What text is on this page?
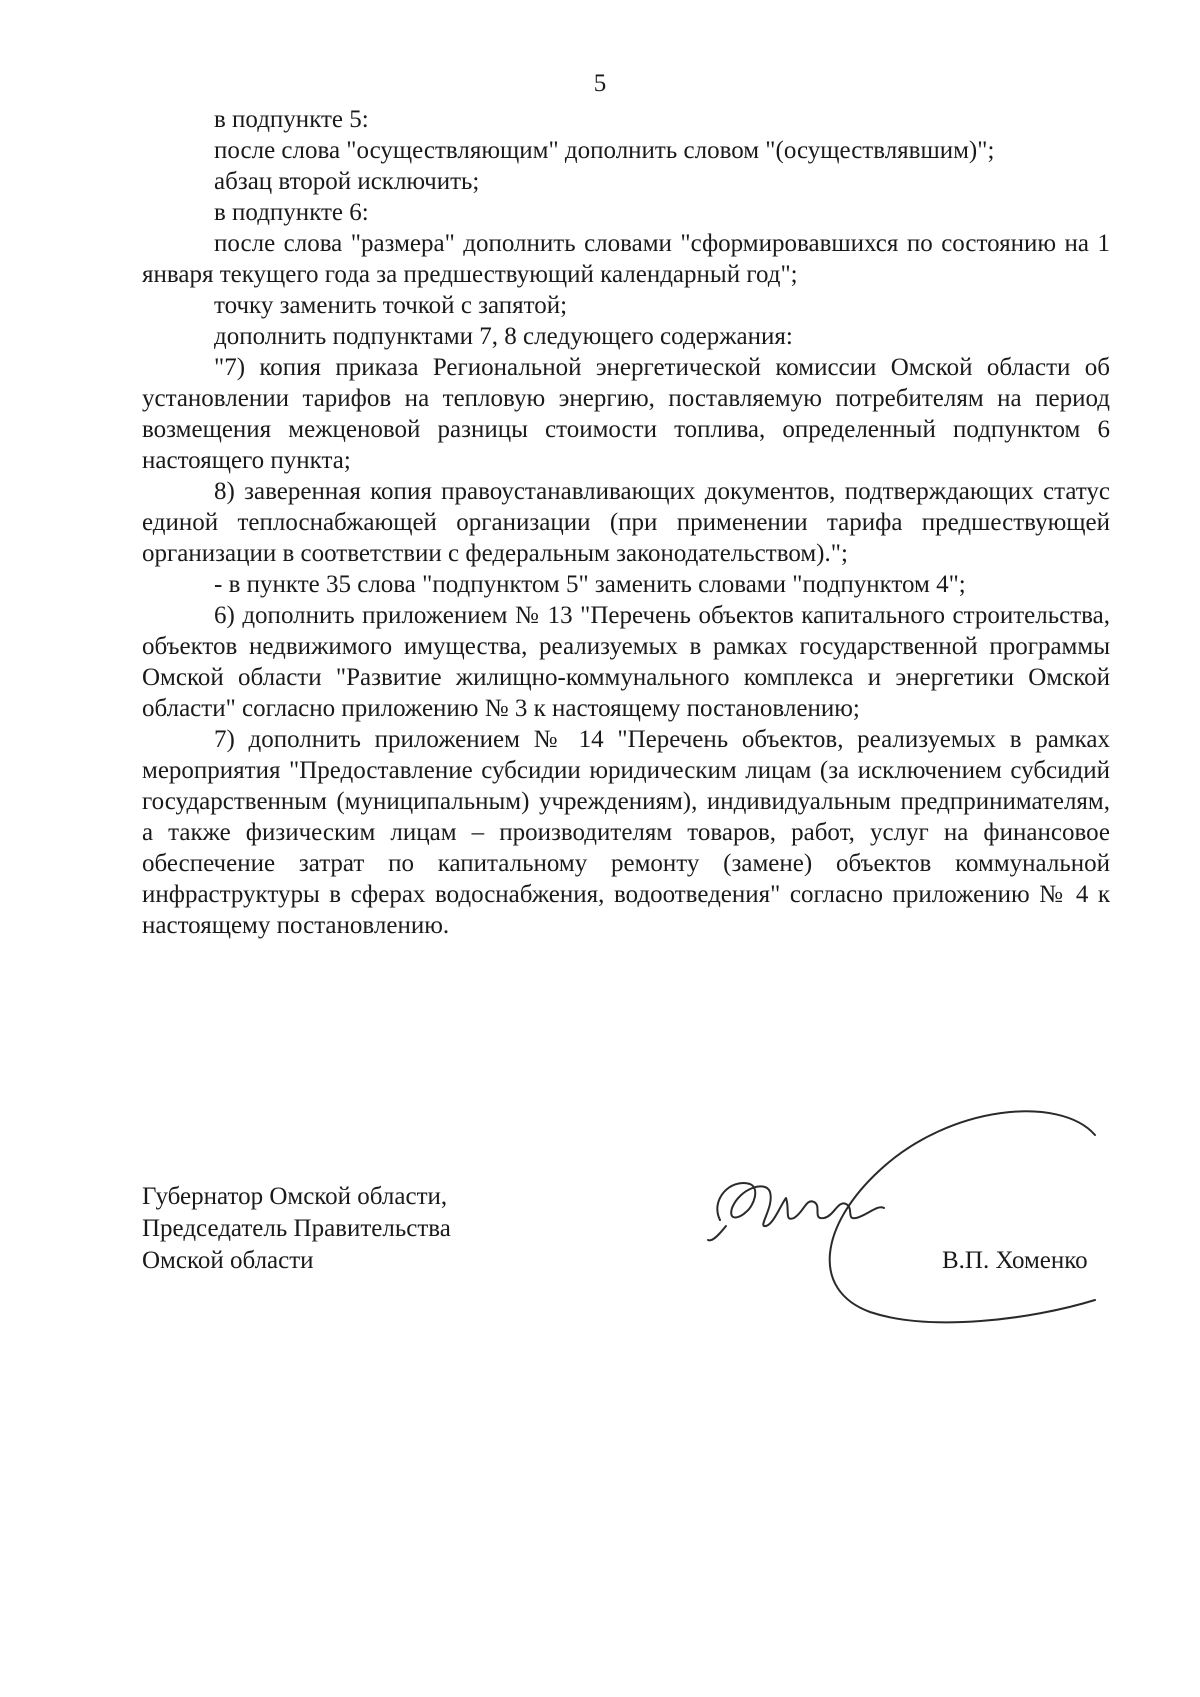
5

в подпункте 5:

после слова "осуществляющим" дополнить словом "(осуществлявшим)";

абзац второй исключить;

в подпункте 6:

после слова "размера" дополнить словами "сформировавшихся по состоянию на 1 января текущего года за предшествующий календарный год";

точку заменить точкой с запятой;

дополнить подпунктами 7, 8 следующего содержания:

"7) копия приказа Региональной энергетической комиссии Омской области об установлении тарифов на тепловую энергию, поставляемую потребителям на период возмещения межценовой разницы стоимости топлива, определенный подпунктом 6 настоящего пункта;

8) заверенная копия правоустанавливающих документов, подтверждающих статус единой теплоснабжающей организации (при применении тарифа предшествующей организации в соответствии с федеральным законодательством).";

- в пункте 35 слова "подпунктом 5" заменить словами "подпунктом 4";

6) дополнить приложением № 13 "Перечень объектов капитального строительства, объектов недвижимого имущества, реализуемых в рамках государственной программы Омской области "Развитие жилищно-коммунального комплекса и энергетики Омской области" согласно приложению № 3 к настоящему постановлению;

7) дополнить приложением № 14 "Перечень объектов, реализуемых в рамках мероприятия "Предоставление субсидии юридическим лицам (за исключением субсидий государственным (муниципальным) учреждениям), индивидуальным предпринимателям, а также физическим лицам – производителям товаров, работ, услуг на финансовое обеспечение затрат по капитальному ремонту (замене) объектов коммунальной инфраструктуры в сферах водоснабжения, водоотведения" согласно приложению № 4 к настоящему постановлению.

Губернатор Омской области,
Председатель Правительства
Омской области	В.П. Хоменко
